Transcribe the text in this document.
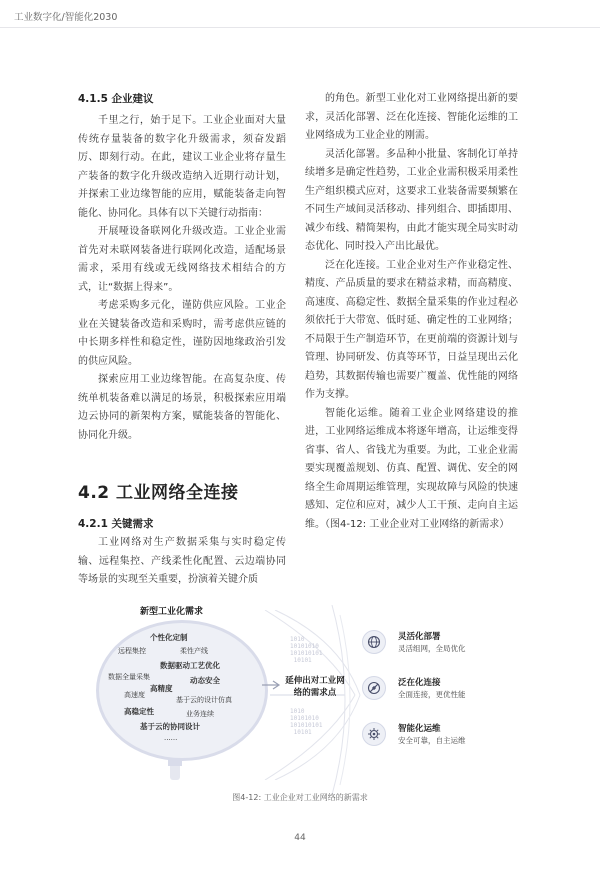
工业数字化/智能化2030
4.1.5 企业建议

千里之行，始于足下。工业企业面对大量传统存量装备的数字化升级需求，须奋发蹈厉、即刻行动。在此，建议工业企业将存量生产装备的数字化升级改造纳入近期行动计划，并探索工业边缘智能的应用，赋能装备走向智能化、协同化。具体有以下关键行动指南：

开展哑设备联网化升级改造。工业企业需首先对未联网装备进行联网化改造，适配场景需求，采用有线或无线网络技术相结合的方式，让“数据上得来”。

考虑采购多元化，谨防供应风险。工业企业在关键装备改造和采购时，需考虑供应链的中长期多样性和稳定性，谨防因地缘政治引发的供应风险。

探索应用工业边缘智能。在高复杂度、传统单机装备难以满足的场景，积极探索应用端边云协同的新架构方案，赋能装备的智能化、协同化升级。

4.2 工业网络全连接
4.2.1 关键需求

工业网络对生产数据采集与实时稳定传输、远程集控、产线柔性化配置、云边端协同等场景的实现至关重要，扮演着关键介质

的角色。新型工业化对工业网络提出新的要求，灵活化部署、泛在化连接、智能化运维的工业网络成为工业企业的刚需。

灵活化部署。多品种小批量、客制化订单持续增多是确定性趋势，工业企业需积极采用柔性生产组织模式应对，这要求工业装备需要频繁在不同生产域间灵活移动、排列组合、即插即用、减少布线、精简架构，由此才能实现全局实时动态优化、同时投入产出比最优。

泛在化连接。工业企业对生产作业稳定性、精度、产品质量的要求在精益求精，而高精度、高速度、高稳定性、数据全量采集的作业过程必须依托于大带宽、低时延、确定性的工业网络；不局限于生产制造环节，在更前端的资源计划与管理、协同研发、仿真等环节，日益呈现出云化趋势，其数据传输也需要广覆盖、优性能的网络作为支撑。

智能化运维。随着工业企业网络建设的推进，工业网络运维成本将逐年增高，让运维变得省事、省人、省钱尤为重要。为此，工业企业需要实现覆盖规划、仿真、配置、调优、安全的网络全生命周期运维管理，实现故障与风险的快速感知、定位和应对，减少人工干预、走向自主运维。（图4-12: 工业企业对工业网络的新需求）

新型工业化需求
个性化定制
远程集控	柔性产线
数据驱动工艺优化
数据全量采集	动态安全
高速度
高精度
基于云的设计仿真
高稳定性	业务连续
基于云的协同设计
......
1010
10101010
101010101
10101
1010
10101010
101010101
10101
延伸出对工业网络的需求点
灵活化部署
灵活组网，全局优化
泛在化连接
全面连接，更优性能
智能化运维
安全可靠，自主运维
图4-12: 工业企业对工业网络的新需求
44
